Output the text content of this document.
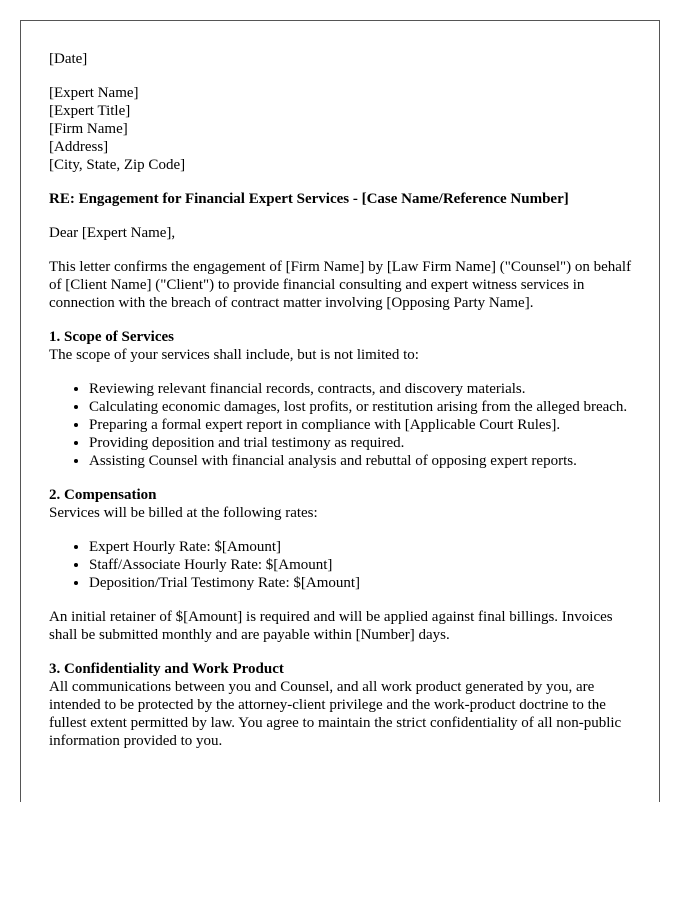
[Date]

[Expert Name]
[Expert Title]
[Firm Name]
[Address]
[City, State, Zip Code]

RE: Engagement for Financial Expert Services - [Case Name/Reference Number]

Dear [Expert Name],

This letter confirms the engagement of [Firm Name] by [Law Firm Name] ("Counsel") on behalf of [Client Name] ("Client") to provide financial consulting and expert witness services in connection with the breach of contract matter involving [Opposing Party Name].

1. Scope of Services

The scope of your services shall include, but is not limited to:

• Reviewing relevant financial records, contracts, and discovery materials.
• Calculating economic damages, lost profits, or restitution arising from the alleged breach.
• Preparing a formal expert report in compliance with [Applicable Court Rules].
• Providing deposition and trial testimony as required.
• Assisting Counsel with financial analysis and rebuttal of opposing expert reports.

2. Compensation

Services will be billed at the following rates:

• Expert Hourly Rate: $[Amount]
• Staff/Associate Hourly Rate: $[Amount]
• Deposition/Trial Testimony Rate: $[Amount]

An initial retainer of $[Amount] is required and will be applied against final billings. Invoices shall be submitted monthly and are payable within [Number] days.

3. Confidentiality and Work Product

All communications between you and Counsel, and all work product generated by you, are intended to be protected by the attorney-client privilege and the work-product doctrine to the fullest extent permitted by law. You agree to maintain the strict confidentiality of all non-public information provided to you.
